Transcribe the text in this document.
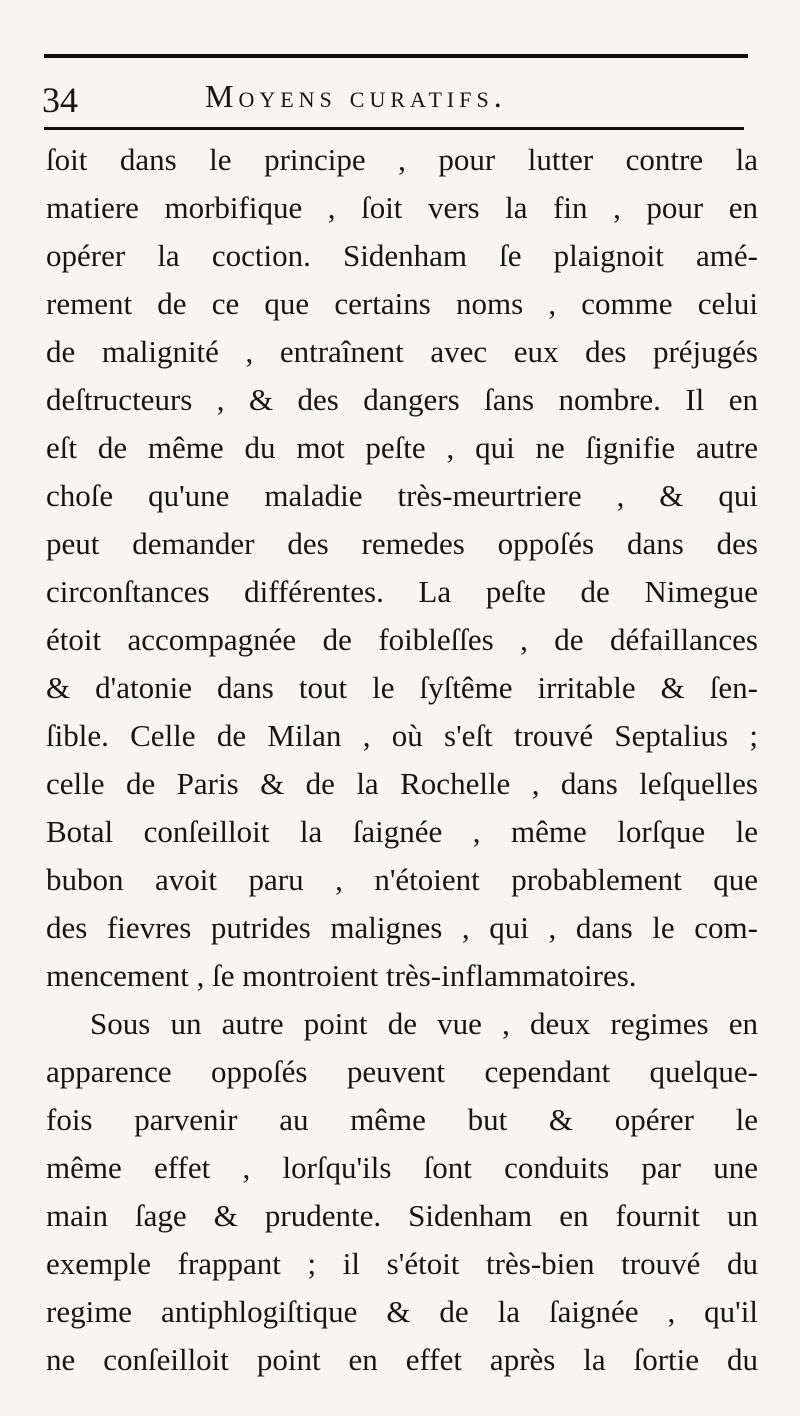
34	Moyens curatifs.
ſoit dans le principe , pour lutter contre la
matiere morbifique , ſoit vers la fin , pour en
opérer la coction. Sidenham ſe plaignoit amé-
rement de ce que certains noms , comme celui
de malignité , entraînent avec eux des préjugés
deſtructeurs , & des dangers ſans nombre. Il en
eſt de même du mot peſte , qui ne ſignifie autre
choſe qu'une maladie très-meurtriere , & qui
peut demander des remedes oppoſés dans des
circonſtances différentes. La peſte de Nimegue
étoit accompagnée de foibleſſes , de défaillances
& d'atonie dans tout le ſyſtême irritable & ſen-
ſible. Celle de Milan , où s'eſt trouvé Septalius ;
celle de Paris & de la Rochelle , dans leſquelles
Botal conſeilloit la ſaignée , même lorſque le
bubon avoit paru , n'étoient probablement que
des fievres putrides malignes , qui , dans le com-
mencement , ſe montroient très-inflammatoires.
Sous un autre point de vue , deux regimes en
apparence oppoſés peuvent cependant quelque-
fois parvenir au même but & opérer le
même effet , lorſqu'ils ſont conduits par une
main ſage & prudente. Sidenham en fournit un
exemple frappant ; il s'étoit très-bien trouvé du
regime antiphlogiſtique & de la ſaignée , qu'il
ne conſeilloit point en effet après la ſortie du
